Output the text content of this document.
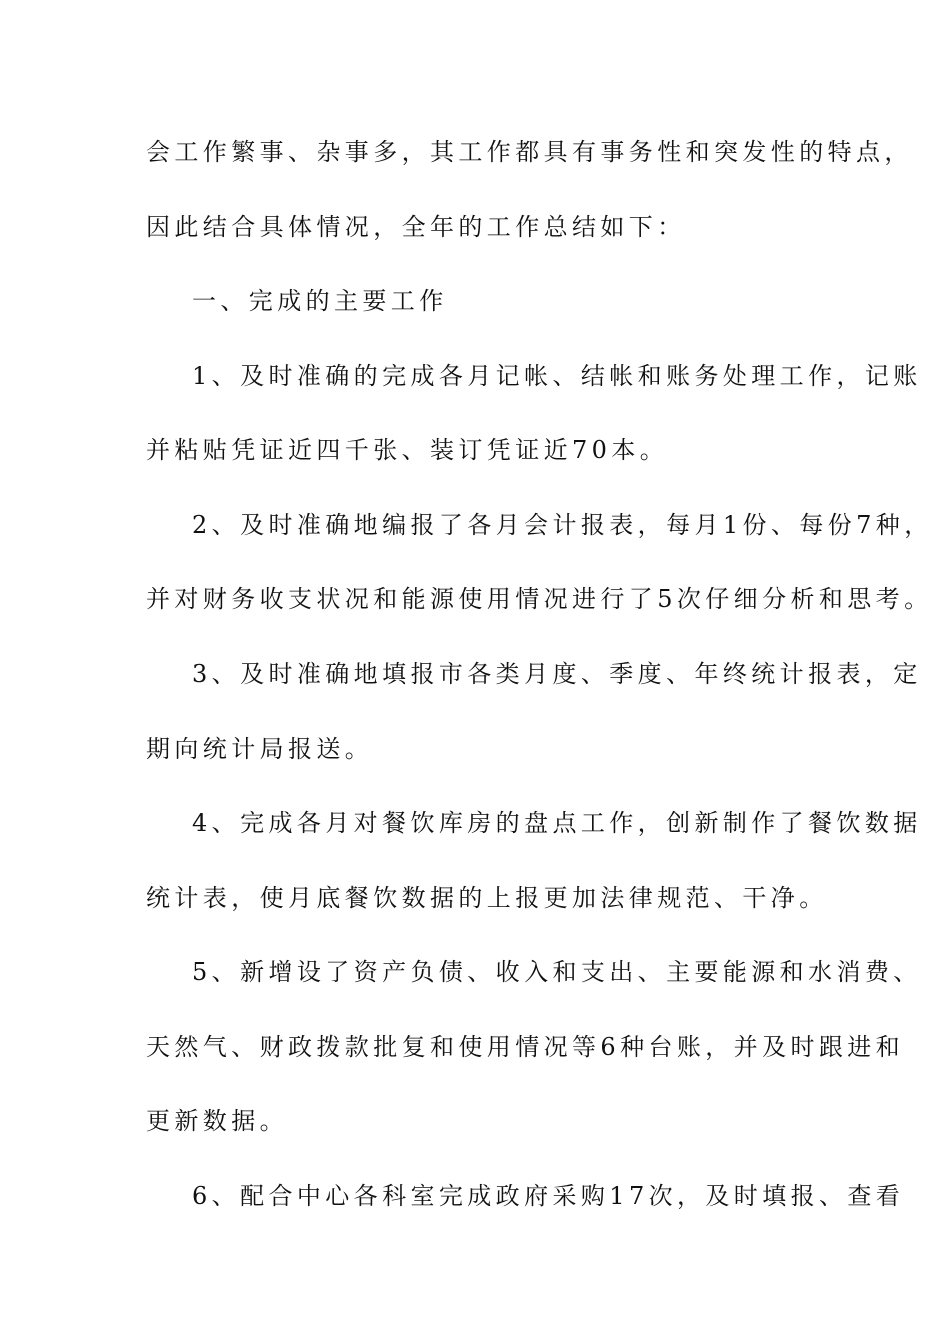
会工作繁事、杂事多，其工作都具有事务性和突发性的特点，
因此结合具体情况，全年的工作总结如下：
一、完成的主要工作
1、及时准确的完成各月记帐、结帐和账务处理工作，记账
并粘贴凭证近四千张、装订凭证近70本。
2、及时准确地编报了各月会计报表，每月1份、每份7种，
并对财务收支状况和能源使用情况进行了5次仔细分析和思考。
3、及时准确地填报市各类月度、季度、年终统计报表，定
期向统计局报送。
4、完成各月对餐饮库房的盘点工作，创新制作了餐饮数据
统计表，使月底餐饮数据的上报更加法律规范、干净。
5、新增设了资产负债、收入和支出、主要能源和水消费、
天然气、财政拨款批复和使用情况等6种台账，并及时跟进和
更新数据。
6、配合中心各科室完成政府采购17次，及时填报、查看
